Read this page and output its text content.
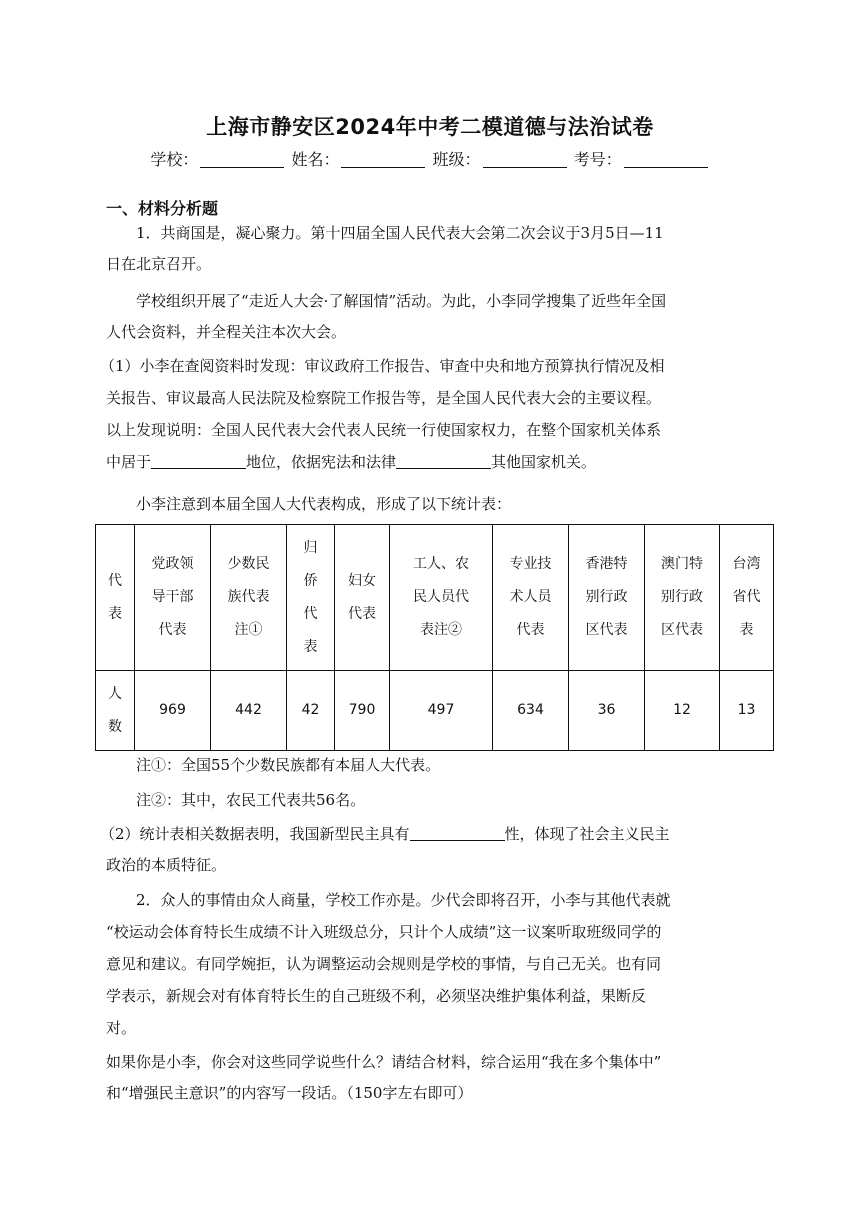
上海市静安区2024年中考二模道德与法治试卷
学校：	姓名：	班级：	考号：
一、材料分析题
1．共商国是，凝心聚力。第十四届全国人民代表大会第二次会议于3月5日—11
日在北京召开。
学校组织开展了“走近人大会·了解国情”活动。为此，小李同学搜集了近些年全国
人代会资料，并全程关注本次大会。
（1）小李在查阅资料时发现：审议政府工作报告、审查中央和地方预算执行情况及相
关报告、审议最高人民法院及检察院工作报告等，是全国人民代表大会的主要议程。
以上发现说明：全国人民代表大会代表人民统一行使国家权力，在整个国家机关体系
中居于	地位，依据宪法和法律	其他国家机关。
小李注意到本届全国人大代表构成，形成了以下统计表：
代表	党政领导干部代表	少数民族代表注①	归侨代表	妇女代表	工人、农民人员代表注②	专业技术人员代表	香港特别行政区代表	澳门特别行政区代表	台湾省代表

人数	969	442	42	790	497	634	36	12	13
注①：全国55个少数民族都有本届人大代表。
注②：其中，农民工代表共56名。
（2）统计表相关数据表明，我国新型民主具有	性，体现了社会主义民主
政治的本质特征。
2．众人的事情由众人商量，学校工作亦是。少代会即将召开，小李与其他代表就
“校运动会体育特长生成绩不计入班级总分，只计个人成绩”这一议案听取班级同学的
意见和建议。有同学婉拒，认为调整运动会规则是学校的事情，与自己无关。也有同
学表示，新规会对有体育特长生的自己班级不利，必须坚决维护集体利益，果断反
对。
如果你是小李，你会对这些同学说些什么？请结合材料，综合运用“我在多个集体中”
和“增强民主意识”的内容写一段话。（150字左右即可）
